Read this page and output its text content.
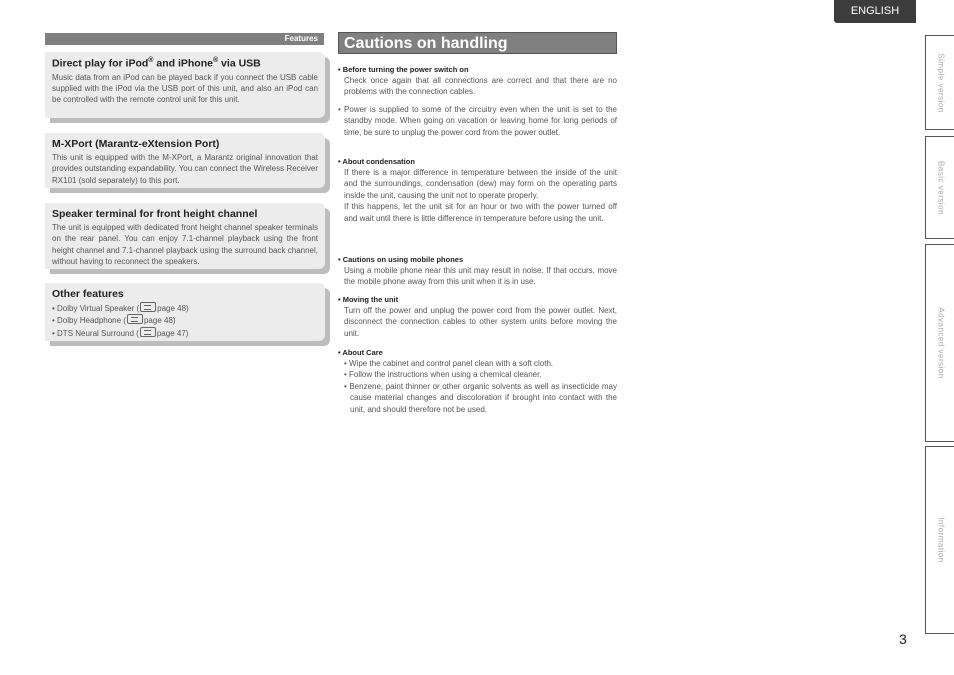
ENGLISH
Simple version
Basic version
Advanced version
Information
3
Features
Direct play for iPod® and iPhone® via USB

Music data from an iPod can be played back if you connect the USB cable supplied with the iPod via the USB port of this unit, and also an iPod can be controlled with the remote control unit for this unit.

M-XPort (Marantz-eXtension Port)

This unit is equipped with the M-XPort, a Marantz original innovation that provides outstanding expandability. You can connect the Wireless Receiver RX101 (sold separately) to this port.

Speaker terminal for front height channel

The unit is equipped with dedicated front height channel speaker terminals on the rear panel. You can enjoy 7.1-channel playback using the front height channel and 7.1-channel playback using the surround back channel, without having to reconnect the speakers.

Other features
• Dolby Virtual Speaker ( page 48)
• Dolby Headphone ( page 48)
• DTS Neural Surround ( page 47)
Cautions on handling
• Before turning the power switch on

Check once again that all connections are correct and that there are no problems with the connection cables.

• Power is supplied to some of the circuitry even when the unit is set to the standby mode. When going on vacation or leaving home for long periods of time, be sure to unplug the power cord from the power outlet.

• About condensation

If there is a major difference in temperature between the inside of the unit and the surroundings, condensation (dew) may form on the operating parts inside the unit, causing the unit not to operate properly.

If this happens, let the unit sit for an hour or two with the power turned off and wait until there is little difference in temperature before using the unit.

• Cautions on using mobile phones

Using a mobile phone near this unit may result in noise. If that occurs, move the mobile phone away from this unit when it is in use.

• Moving the unit

Turn off the power and unplug the power cord from the power outlet. Next, disconnect the connection cables to other system units before moving the unit.

• About Care
• Wipe the cabinet and control panel clean with a soft cloth.
• Follow the instructions when using a chemical cleaner.
• Benzene, paint thinner or other organic solvents as well as insecticide may cause material changes and discoloration if brought into contact with the unit, and should therefore not be used.
